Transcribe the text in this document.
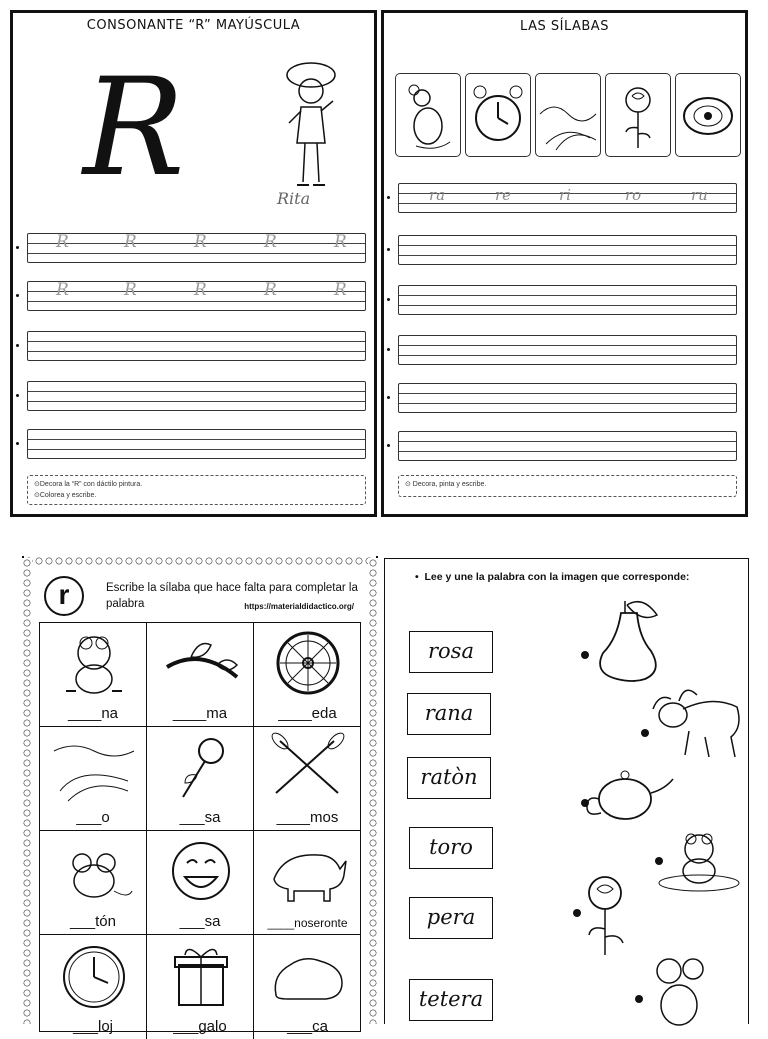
CONSONANTE “R” MAYÚSCULA
R	Rita
R	R	R	R	R
R	R	R	R	R
⊙Decora la “R” con dáctilo pintura.
⊙Colorea y escribe.
LAS SÍLABAS
ra	re	ri	ro	ru
⊙ Decora, pinta y escribe.
r	Escribe la sílaba que hace falta para completar la palabra	https://materialdidactico.org/
____na	____ma	____eda
___o	___sa	____mos
___tón	___sa	____noseronte
___loj	___galo	___ca
•  Lee y une la palabra con la imagen que corresponde:
rosa
rana
ratòn
toro
pera
tetera
